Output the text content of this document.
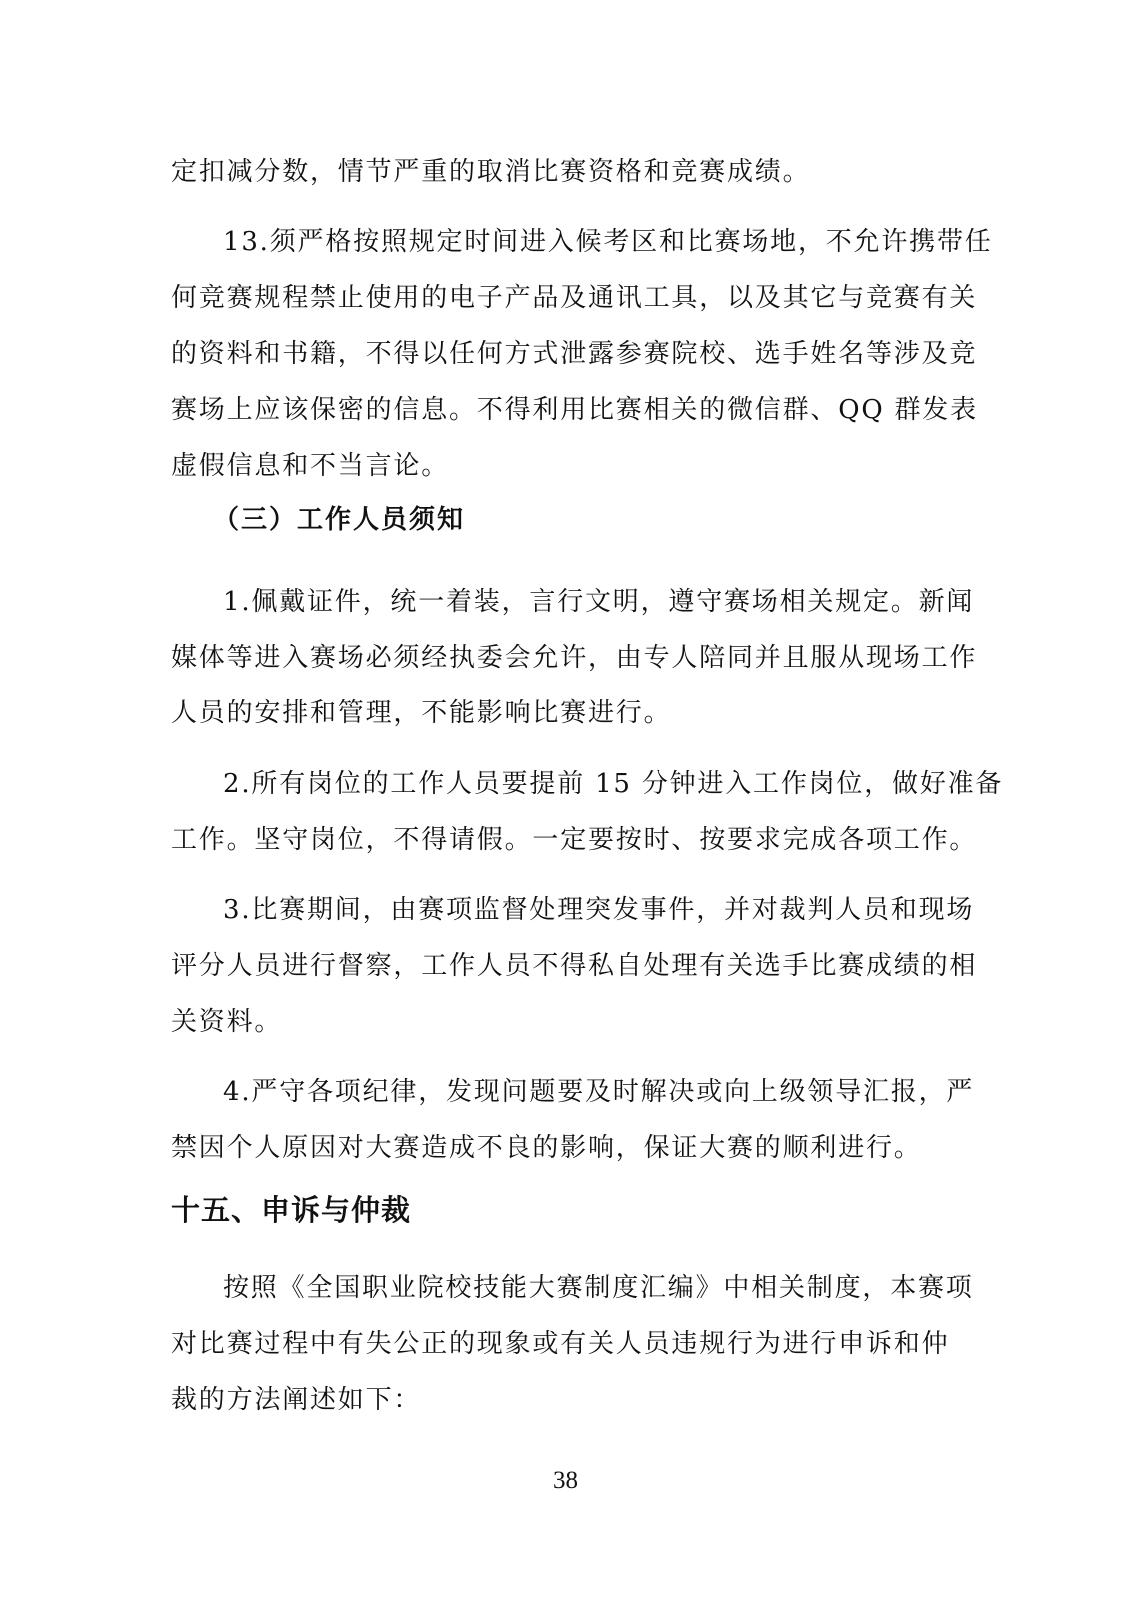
定扣减分数，情节严重的取消比赛资格和竞赛成绩。
13.须严格按照规定时间进入候考区和比赛场地，不允许携带任
何竞赛规程禁止使用的电子产品及通讯工具，以及其它与竞赛有关
的资料和书籍，不得以任何方式泄露参赛院校、选手姓名等涉及竞
赛场上应该保密的信息。不得利用比赛相关的微信群、QQ 群发表
虚假信息和不当言论。
（三）工作人员须知
1.佩戴证件，统一着装，言行文明，遵守赛场相关规定。新闻
媒体等进入赛场必须经执委会允许，由专人陪同并且服从现场工作
人员的安排和管理，不能影响比赛进行。
2.所有岗位的工作人员要提前 15 分钟进入工作岗位，做好准备
工作。坚守岗位，不得请假。一定要按时、按要求完成各项工作。
3.比赛期间，由赛项监督处理突发事件，并对裁判人员和现场
评分人员进行督察，工作人员不得私自处理有关选手比赛成绩的相
关资料。
4.严守各项纪律，发现问题要及时解决或向上级领导汇报，严
禁因个人原因对大赛造成不良的影响，保证大赛的顺利进行。
十五、申诉与仲裁
按照《全国职业院校技能大赛制度汇编》中相关制度，本赛项
对比赛过程中有失公正的现象或有关人员违规行为进行申诉和仲
裁的方法阐述如下：
38
